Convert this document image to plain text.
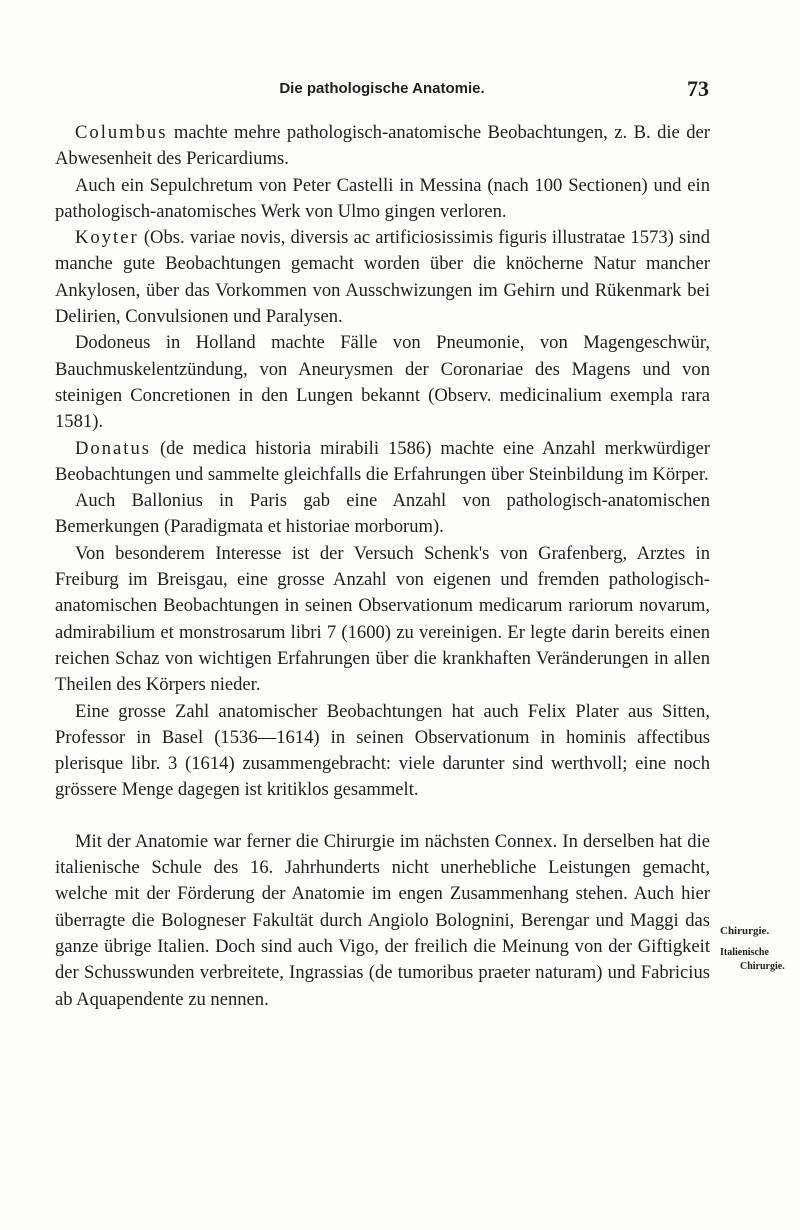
Die pathologische Anatomie.	73

Columbus machte mehre pathologisch-anatomische Beobachtungen, z. B. die der Abwesenheit des Pericardiums.

Auch ein Sepulchretum von Peter Castelli in Messina (nach 100 Sectionen) und ein pathologisch-anatomisches Werk von Ulmo gingen verloren.

Koyter (Obs. variae novis, diversis ac artificiosissimis figuris illustratae 1573) sind manche gute Beobachtungen gemacht worden über die knöcherne Natur mancher Ankylosen, über das Vorkommen von Ausschwizungen im Gehirn und Rükenmark bei Delirien, Convulsionen und Paralysen.

Dodoneus in Holland machte Fälle von Pneumonie, von Magengeschwür, Bauchmuskelentzündung, von Aneurysmen der Coronariae des Magens und von steinigen Concretionen in den Lungen bekannt (Observ. medicinalium exempla rara 1581).

Donatus (de medica historia mirabili 1586) machte eine Anzahl merkwürdiger Beobachtungen und sammelte gleichfalls die Erfahrungen über Steinbildung im Körper.

Auch Ballonius in Paris gab eine Anzahl von pathologisch-anatomischen Bemerkungen (Paradigmata et historiae morborum).

Von besonderem Interesse ist der Versuch Schenk's von Grafenberg, Arztes in Freiburg im Breisgau, eine grosse Anzahl von eigenen und fremden pathologisch-anatomischen Beobachtungen in seinen Observationum medicarum rariorum novarum, admirabilium et monstrosarum libri 7 (1600) zu vereinigen. Er legte darin bereits einen reichen Schaz von wichtigen Erfahrungen über die krankhaften Veränderungen in allen Theilen des Körpers nieder.

Eine grosse Zahl anatomischer Beobachtungen hat auch Felix Plater aus Sitten, Professor in Basel (1536—1614) in seinen Observationum in hominis affectibus plerisque libr. 3 (1614) zusammengebracht: viele darunter sind werthvoll; eine noch grössere Menge dagegen ist kritiklos gesammelt.

Mit der Anatomie war ferner die Chirurgie im nächsten Connex. In derselben hat die italienische Schule des 16. Jahrhunderts nicht unerhebliche Leistungen gemacht, welche mit der Förderung der Anatomie im engen Zusammenhang stehen. Auch hier überragte die Bologneser Fakultät durch Angiolo Bolognini, Berengar und Maggi das ganze übrige Italien. Doch sind auch Vigo, der freilich die Meinung von der Giftigkeit der Schusswunden verbreitete, Ingrassias (de tumoribus praeter naturam) und Fabricius ab Aquapendente zu nennen.

Chirurgie.
Italienische
Chirurgie.
